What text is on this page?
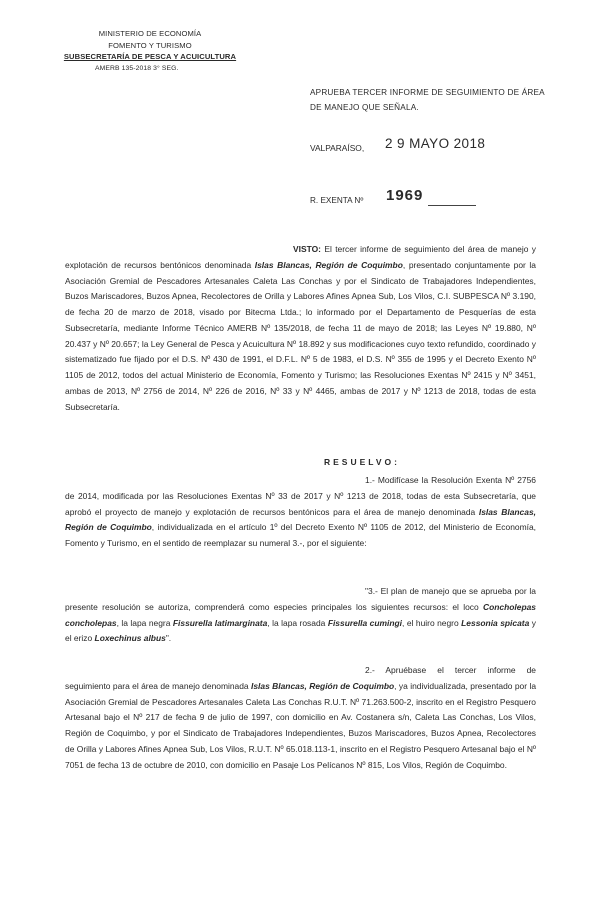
MINISTERIO DE ECONOMÍA
FOMENTO Y TURISMO
SUBSECRETARÍA DE PESCA Y ACUICULTURA
AMERB 135-2018 3° SEG.
APRUEBA TERCER INFORME DE SEGUIMIENTO DE ÁREA DE MANEJO QUE SEÑALA.
VALPARAÍSO, 2 9 MAYO 2018
R. EXENTA Nº 1969
VISTO: El tercer informe de seguimiento del área de manejo y explotación de recursos bentónicos denominada Islas Blancas, Región de Coquimbo, presentado conjuntamente por la Asociación Gremial de Pescadores Artesanales Caleta Las Conchas y por el Sindicato de Trabajadores Independientes, Buzos Mariscadores, Buzos Apnea, Recolectores de Orilla y Labores Afines Apnea Sub, Los Vilos, C.I. SUBPESCA Nº 3.190, de fecha 20 de marzo de 2018, visado por Bitecma Ltda.; lo informado por el Departamento de Pesquerías de esta Subsecretaría, mediante Informe Técnico AMERB Nº 135/2018, de fecha 11 de mayo de 2018; las Leyes Nº 19.880, Nº 20.437 y Nº 20.657; la Ley General de Pesca y Acuicultura Nº 18.892 y sus modificaciones cuyo texto refundido, coordinado y sistematizado fue fijado por el D.S. Nº 430 de 1991, el D.F.L. Nº 5 de 1983, el D.S. Nº 355 de 1995 y el Decreto Exento Nº 1105 de 2012, todos del actual Ministerio de Economía, Fomento y Turismo; las Resoluciones Exentas Nº 2415 y Nº 3451, ambas de 2013, Nº 2756 de 2014, Nº 226 de 2016, Nº 33 y Nº 4465, ambas de 2017 y Nº 1213 de 2018, todas de esta Subsecretaría.
RESUELVO:
1.- Modifícase la Resolución Exenta Nº 2756 de 2014, modificada por las Resoluciones Exentas Nº 33 de 2017 y Nº 1213 de 2018, todas de esta Subsecretaría, que aprobó el proyecto de manejo y explotación de recursos bentónicos para el área de manejo denominada Islas Blancas, Región de Coquimbo, individualizada en el artículo 1º del Decreto Exento Nº 1105 de 2012, del Ministerio de Economía, Fomento y Turismo, en el sentido de reemplazar su numeral 3.-, por el siguiente:
"3.- El plan de manejo que se aprueba por la presente resolución se autoriza, comprenderá como especies principales los siguientes recursos: el loco Concholepas concholepas, la lapa negra Fissurella latimarginata, la lapa rosada Fissurella cumingi, el huiro negro Lessonia spicata y el erizo Loxechinus albus".
2.- Apruébase el tercer informe de seguimiento para el área de manejo denominada Islas Blancas, Región de Coquimbo, ya individualizada, presentado por la Asociación Gremial de Pescadores Artesanales Caleta Las Conchas R.U.T. Nº 71.263.500-2, inscrito en el Registro Pesquero Artesanal bajo el Nº 217 de fecha 9 de julio de 1997, con domicilio en Av. Costanera s/n, Caleta Las Conchas, Los Vilos, Región de Coquimbo, y por el Sindicato de Trabajadores Independientes, Buzos Mariscadores, Buzos Apnea, Recolectores de Orilla y Labores Afines Apnea Sub, Los Vilos, R.U.T. Nº 65.018.113-1, inscrito en el Registro Pesquero Artesanal bajo el Nº 7051 de fecha 13 de octubre de 2010, con domicilio en Pasaje Los Pelícanos Nº 815, Los Vilos, Región de Coquimbo.
